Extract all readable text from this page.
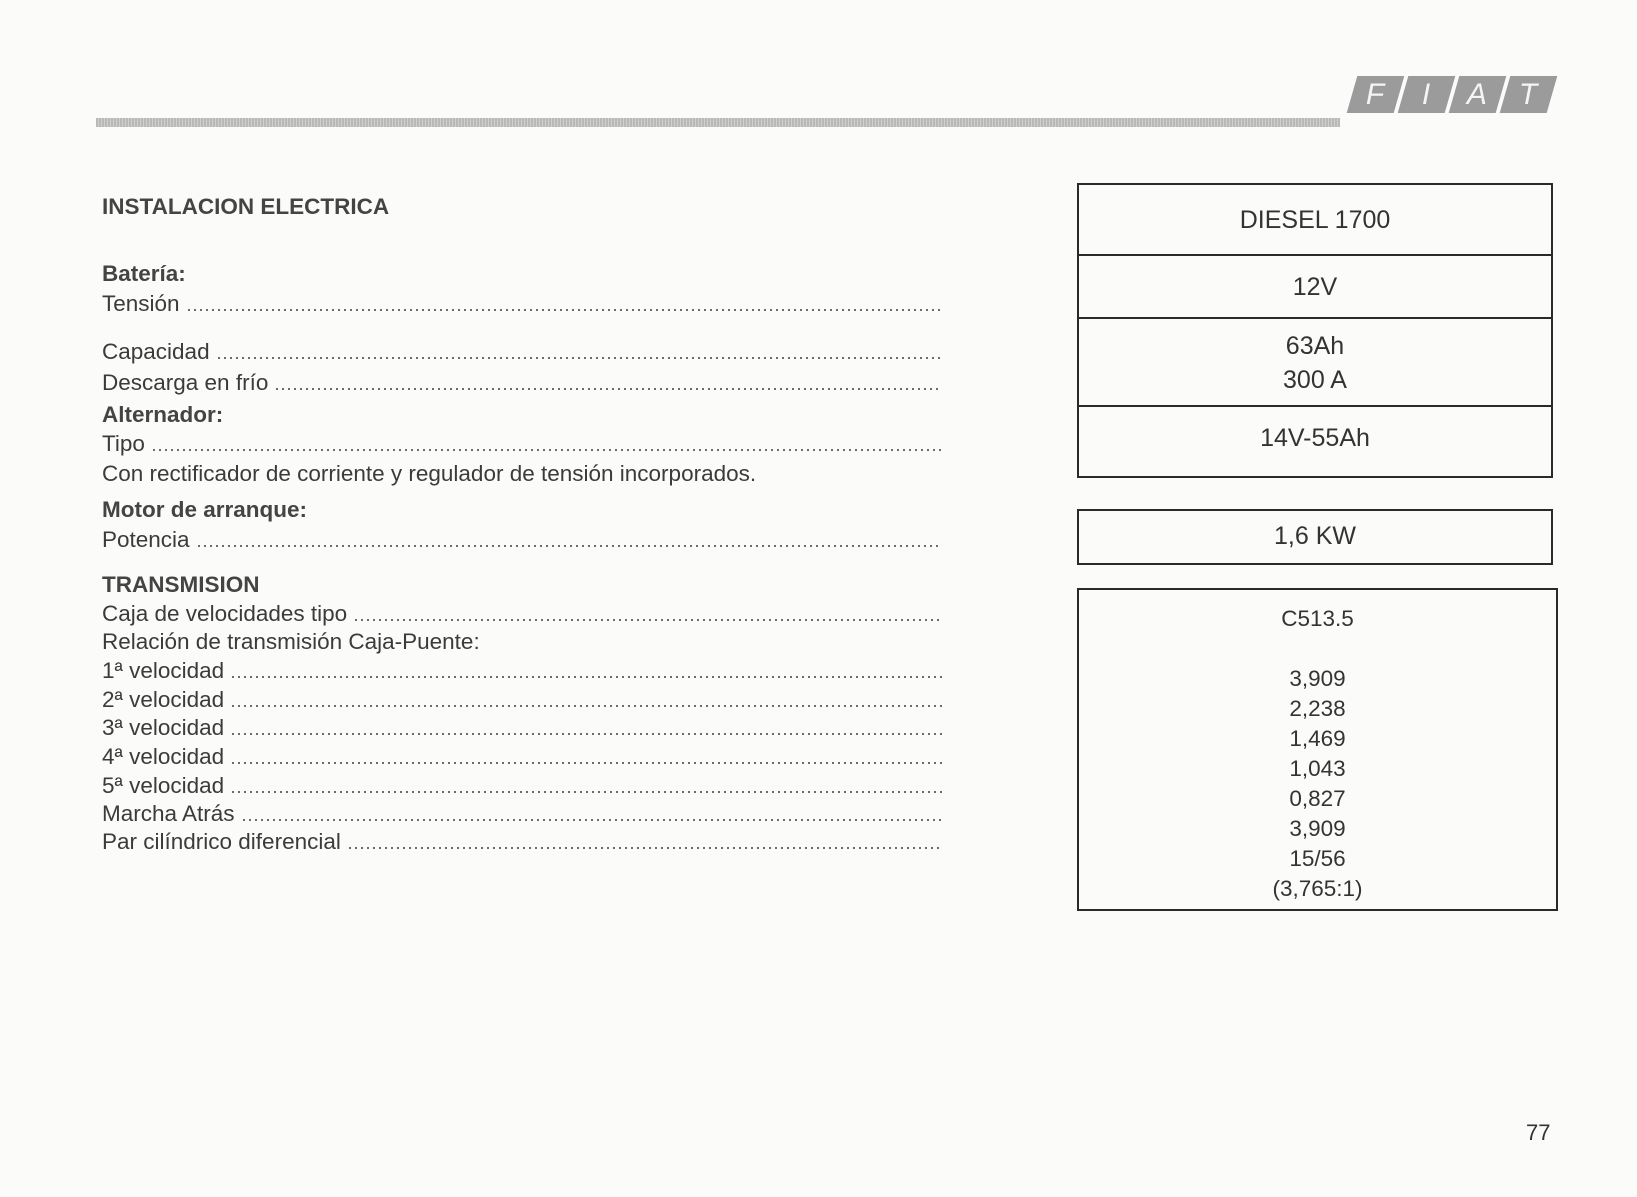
F I A T
INSTALACION ELECTRICA
Batería:
Tensión
Capacidad
Descarga en frío
Alternador:
Tipo
Con rectificador de corriente y regulador de tensión incorporados.
Motor de arranque:
Potencia
TRANSMISION
Caja de velocidades tipo
Relación de transmisión Caja-Puente:
1ª velocidad
2ª velocidad
3ª velocidad
4ª velocidad
5ª velocidad
Marcha Atrás
Par cilíndrico diferencial
DIESEL 1700
12V
63Ah
300 A
14V-55Ah
1,6 KW
C513.5
3,909
2,238
1,469
1,043
0,827
3,909
15/56
(3,765:1)
77
